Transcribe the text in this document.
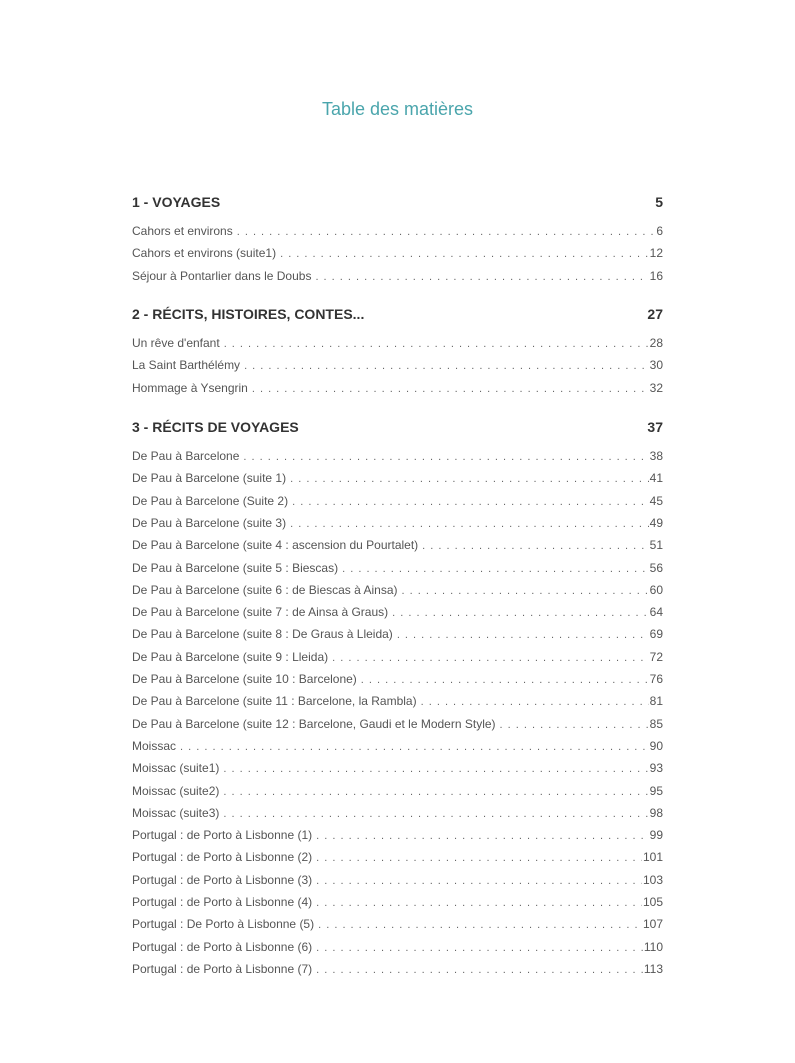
Table des matières
1 - VOYAGES	5
Cahors et environs . . .	6
Cahors et environs (suite1) . . .	12
Séjour à Pontarlier dans le Doubs . . .	16
2 - RÉCITS, HISTOIRES, CONTES...	27
Un rêve d'enfant . . .	28
La Saint Barthélémy . . .	30
Hommage à Ysengrin . . .	32
3 - RÉCITS DE VOYAGES	37
De Pau à Barcelone . . .	38
De Pau à Barcelone (suite 1) . . .	41
De Pau à Barcelone (Suite 2) . . .	45
De Pau à Barcelone (suite 3) . . .	49
De Pau à Barcelone (suite 4 : ascension du Pourtalet) . . .	51
De Pau à Barcelone (suite 5 : Biescas) . . .	56
De Pau à Barcelone (suite 6 : de Biescas à Ainsa) . . .	60
De Pau à Barcelone (suite 7 : de Ainsa à Graus) . . .	64
De Pau à Barcelone (suite 8 : De Graus à Lleida) . . .	69
De Pau à Barcelone (suite 9 : Lleida) . . .	72
De Pau à Barcelone (suite 10 : Barcelone) . . .	76
De Pau à Barcelone (suite 11 : Barcelone, la Rambla) . . .	81
De Pau à Barcelone (suite 12 : Barcelone, Gaudi et le Modern Style) . . .	85
Moissac . . .	90
Moissac (suite1) . . .	93
Moissac (suite2) . . .	95
Moissac (suite3) . . .	98
Portugal : de Porto à Lisbonne (1) . . .	99
Portugal : de Porto à Lisbonne (2) . . .	101
Portugal : de Porto à Lisbonne (3) . . .	103
Portugal : de Porto à Lisbonne (4) . . .	105
Portugal : De Porto à Lisbonne (5) . . .	107
Portugal : de Porto à Lisbonne (6) . . .	110
Portugal : de Porto à Lisbonne (7) . . .	113
